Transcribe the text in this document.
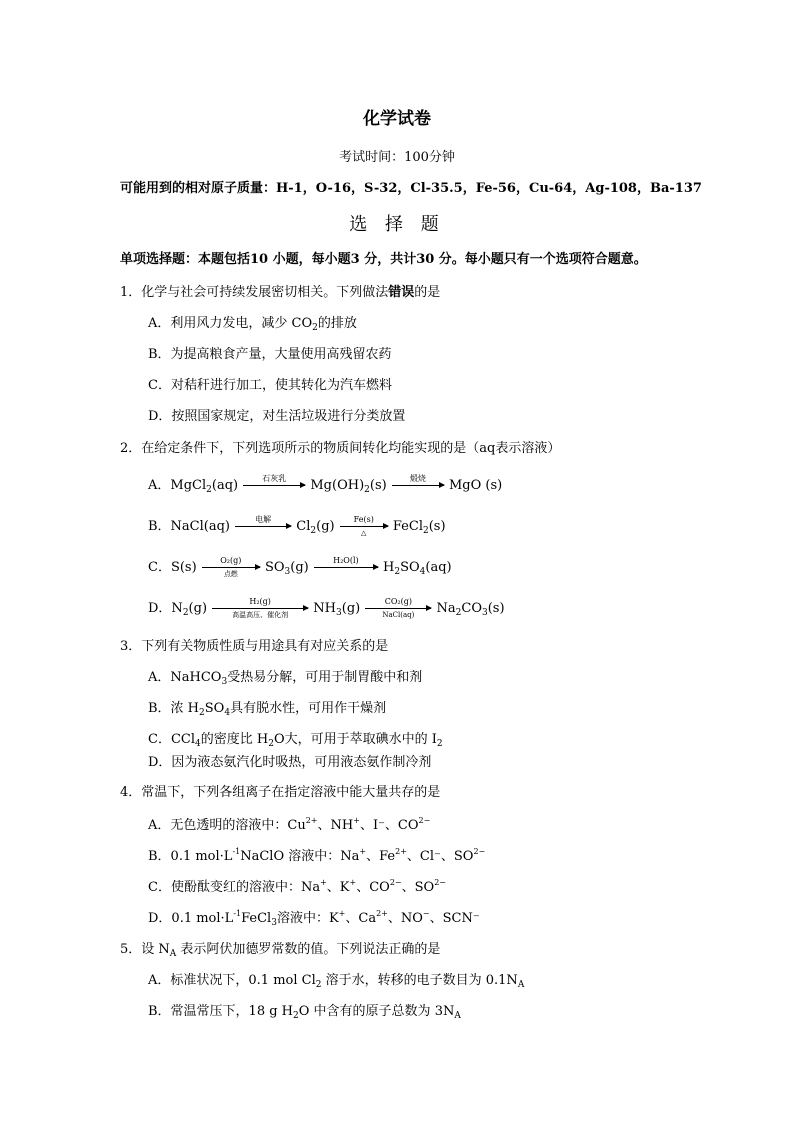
化学试卷
考试时间：100分钟
可能用到的相对原子质量：H-1，O-16，S-32，Cl-35.5，Fe-56，Cu-64，Ag-108，Ba-137
选 择 题
单项选择题：本题包括10 小题，每小题3 分，共计30 分。每小题只有一个选项符合题意。
1．化学与社会可持续发展密切相关。下列做法错误的是
A．利用风力发电，减少 $CO_2$的排放
B．为提高粮食产量，大量使用高残留农药
C．对秸秆进行加工，使其转化为汽车燃料
D．按照国家规定，对生活垃圾进行分类放置
2．在给定条件下，下列选项所示的物质间转化均能实现的是（aq表示溶液）
A．MgCl$_2$(aq)	石灰乳	$Mg(OH)_2(s)$	煅烧	MgO (s)
B．NaCl(aq)	电解	$Cl_2(g)$	Fe(s)
△	FeCl$_2$(s)
C．S(s)	O₂(g)
点燃	$SO_3(g)$	H₂O(l)	$H_2SO_4(aq)$
D．$N_2(g)$	H₂(g)
高温高压、催化剂	$NH_3(g)$	CO₂(g)
NaCl(aq)	$Na_2CO_3(s)$
3．下列有关物质性质与用途具有对应关系的是
A．NaHCO$_3$受热易分解，可用于制胃酸中和剂
B．浓 $H_2SO_4$具有脱水性，可用作干燥剂
C．CCl$_4$的密度比 $H_2O$大，可用于萃取碘水中的 $I_2$
D．因为液态氨汽化时吸热，可用液态氨作制冷剂
4．常温下，下列各组离子在指定溶液中能大量共存的是
A．无色透明的溶液中：$Cu^{2+}$、NH+、I⁻、$CO^{2-}$
B．0.1 $mol\cdot L^{-1}NaClO$ 溶液中：Na+、$Fe^{2+}$、Cl⁻、$SO^{2-}$
C．使酚酞变红的溶液中：Na+、K+、$CO^{2-}$、$SO^{2-}$
D．0.1 $mol\cdot L^{-1}FeCl_3$溶液中：K+、$Ca^{2+}$、NO−、SCN⁻
5．设 $N_A$ 表示阿伏加德罗常数的值。下列说法正确的是
A．标准状况下，0.1 mol $Cl_2$ 溶于水，转移的电子数目为 $0.1N_A$
B．常温常压下，18 g $H_2O$ 中含有的原子总数为 $3N_A$
